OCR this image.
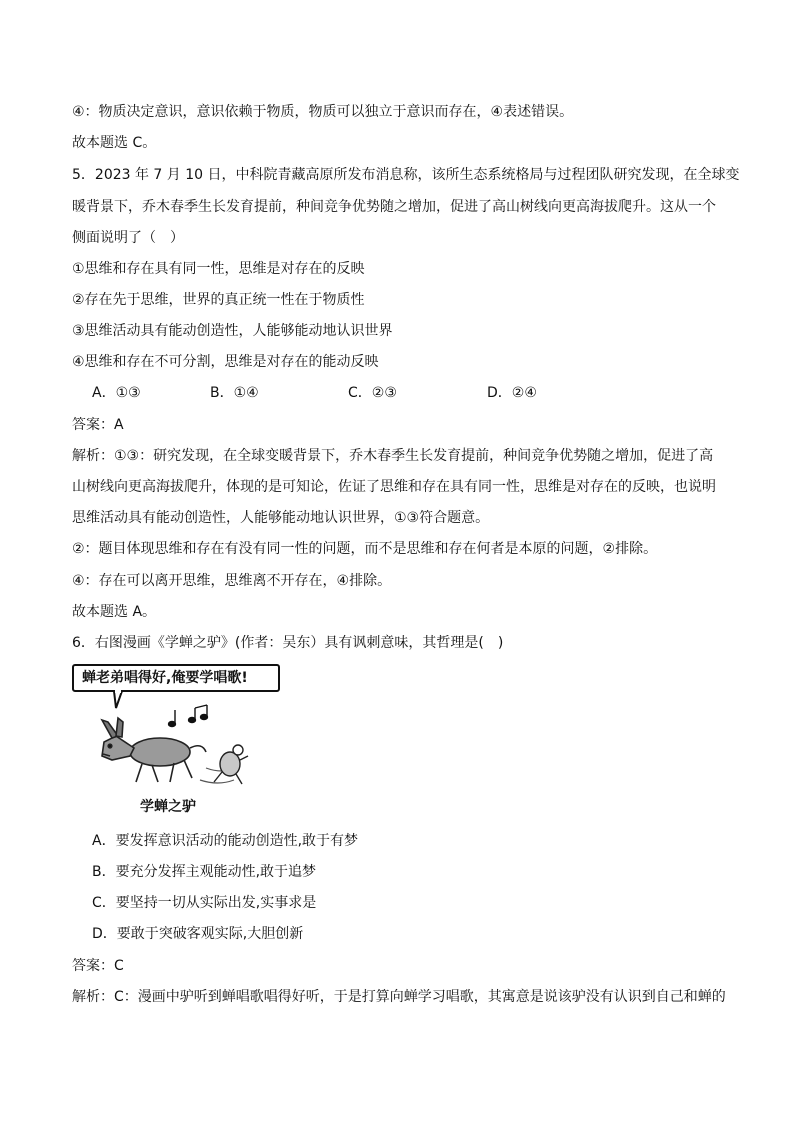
④：物质决定意识，意识依赖于物质，物质可以独立于意识而存在，④表述错误。
故本题选 C。
5．2023 年 7 月 10 日，中科院青藏高原所发布消息称，该所生态系统格局与过程团队研究发现，在全球变
暖背景下，乔木春季生长发育提前，种间竞争优势随之增加，促进了高山树线向更高海拔爬升。这从一个
侧面说明了（　）
①思维和存在具有同一性，思维是对存在的反映
②存在先于思维，世界的真正统一性在于物质性
③思维活动具有能动创造性，人能够能动地认识世界
④思维和存在不可分割，思维是对存在的能动反映
A．①③	B．①④	C．②③	D．②④
答案：A
解析：①③：研究发现，在全球变暖背景下，乔木春季生长发育提前，种间竞争优势随之增加，促进了高
山树线向更高海拔爬升，体现的是可知论，佐证了思维和存在具有同一性，思维是对存在的反映，也说明
思维活动具有能动创造性，人能够能动地认识世界，①③符合题意。
②：题目体现思维和存在有没有同一性的问题，而不是思维和存在何者是本原的问题，②排除。
④：存在可以离开思维，思维离不开存在，④排除。
故本题选 A。
6．右图漫画《学蝉之驴》(作者：吴东）具有讽刺意味，其哲理是(　)
蝉老弟唱得好,俺要学唱歌!
学蝉之驴
A．要发挥意识活动的能动创造性,敢于有梦
B．要充分发挥主观能动性,敢于追梦
C．要坚持一切从实际出发,实事求是
D．要敢于突破客观实际,大胆创新
答案：C
解析：C：漫画中驴听到蝉唱歌唱得好听，于是打算向蝉学习唱歌，其寓意是说该驴没有认识到自己和蝉的
